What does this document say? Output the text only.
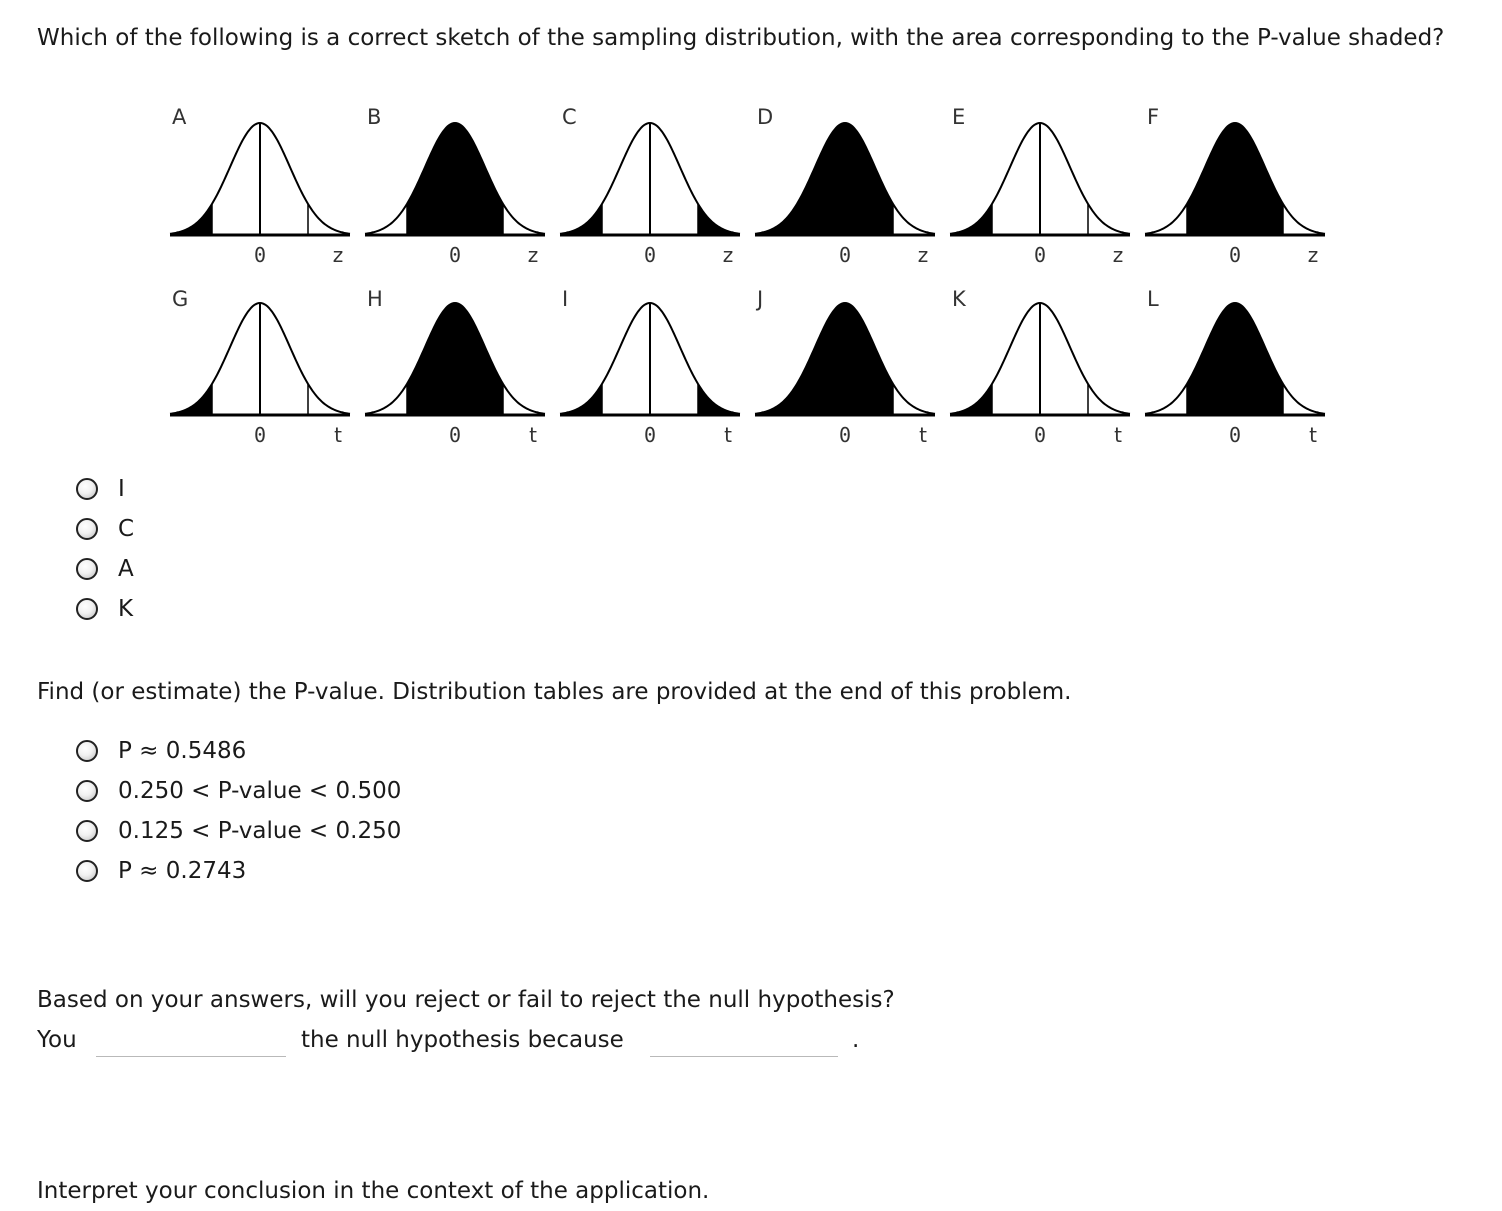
Which of the following is a correct sketch of the sampling distribution, with the area corresponding to the P-value shaded?
A
0	z
B
0	z
C
0	z
D
0	z
E
0	z
F
0	z
G
0	t
H
0	t
I
0	t
J
0	t
K
0	t
L
0	t
I
C
A
K

Find (or estimate) the P-value. Distribution tables are provided at the end of this problem.

P ≈ 0.5486
0.250 < P-value < 0.500
0.125 < P-value < 0.250
P ≈ 0.2743

Based on your answers, will you reject or fail to reject the null hypothesis?

You	the null hypothesis because	.

Interpret your conclusion in the context of the application.
